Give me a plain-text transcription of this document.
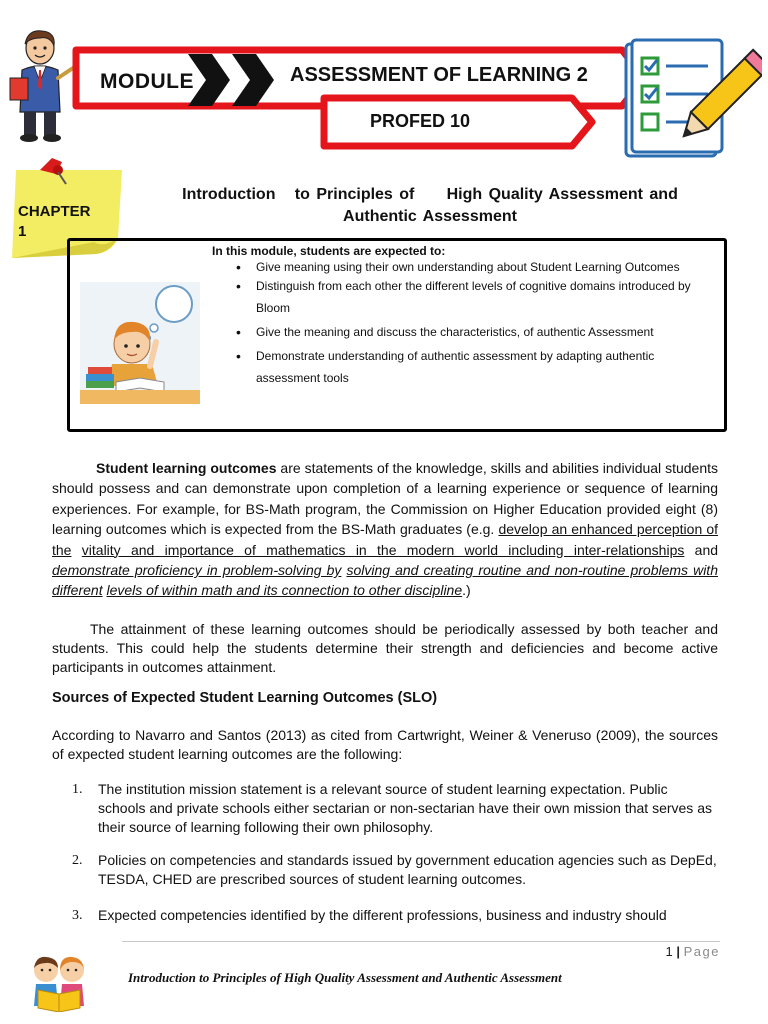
MODULE	ASSESSMENT OF LEARNING 2
PROFED 10
CHAPTER
1
Introduction   to Principles of     High Quality Assessment and
Authentic Assessment
In this module, students are expected to:
• Give meaning using their own understanding about Student Learning Outcomes
• Distinguish from each other the different levels of cognitive domains introduced by Bloom
• Give the meaning and discuss the characteristics, of authentic Assessment
• Demonstrate understanding of authentic assessment by adapting authentic assessment tools
Student learning outcomes are statements of the knowledge, skills and abilities individual students should possess and can demonstrate upon completion of a learning experience or sequence of learning experiences. For example, for BS-Math program, the Commission on Higher Education provided eight (8) learning outcomes which is expected from the BS-Math graduates (e.g. develop an enhanced perception of the vitality and importance of mathematics in the modern world including inter-relationships and demonstrate proficiency in problem-solving by solving and creating routine and non-routine problems with different levels of within math and its connection to other discipline.)
The attainment of these learning outcomes should be periodically assessed by both teacher and students. This could help the students determine their strength and deficiencies and become active participants in outcomes attainment.
Sources of Expected Student Learning Outcomes (SLO)
According to Navarro and Santos (2013) as cited from Cartwright, Weiner & Veneruso (2009), the sources of expected student learning outcomes are the following:
1. The institution mission statement is a relevant source of student learning expectation. Public schools and private schools either sectarian or non-sectarian have their own mission that serves as their source of learning following their own philosophy.
2. Policies on competencies and standards issued by government education agencies such as DepEd, TESDA, CHED are prescribed sources of student learning outcomes.
3. Expected competencies identified by the different professions, business and industry should
1 | Page
Introduction to Principles of High Quality Assessment and Authentic Assessment
